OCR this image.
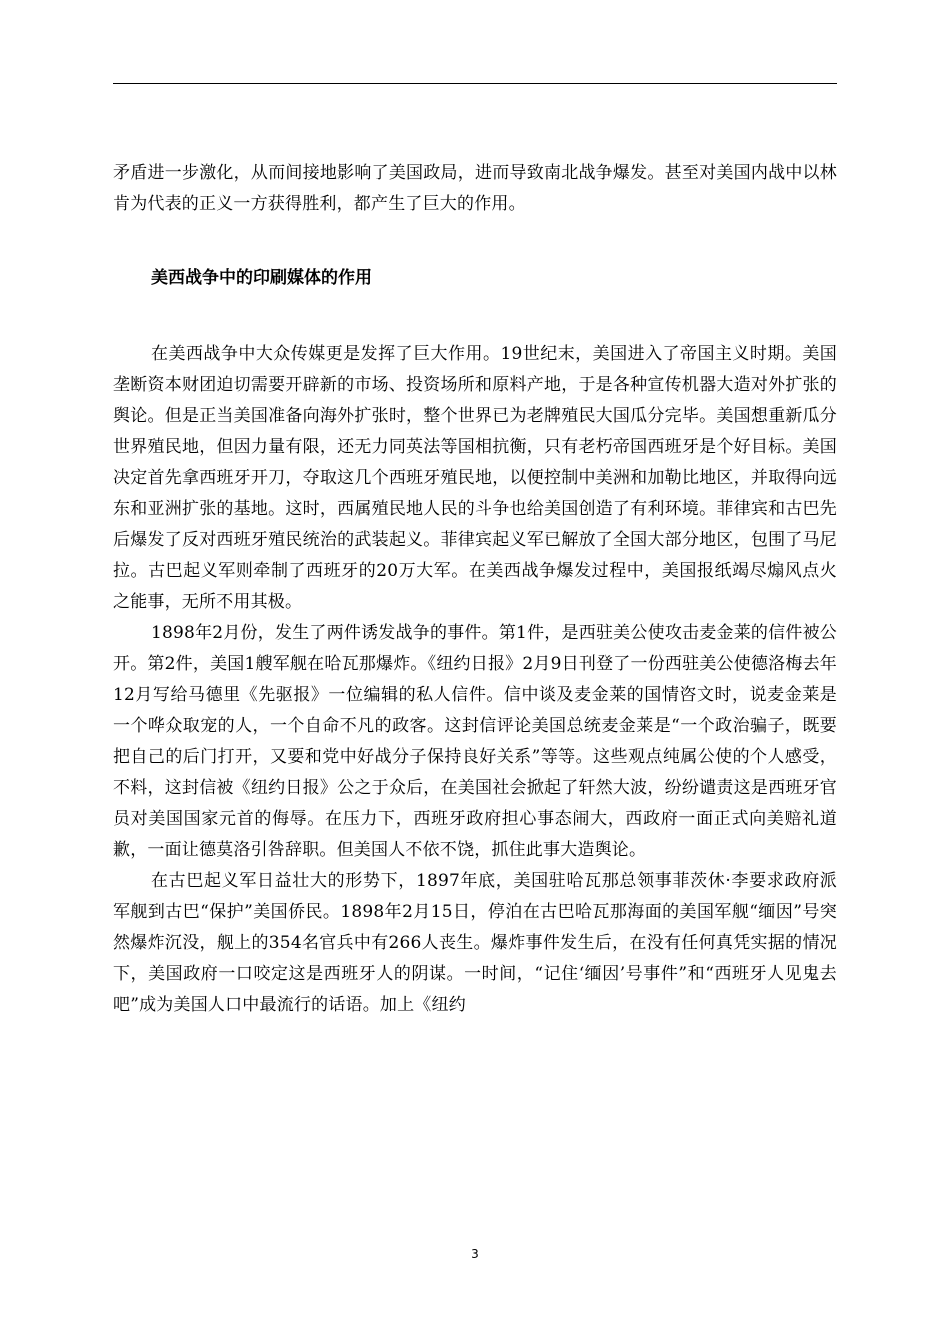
矛盾进一步激化，从而间接地影响了美国政局，进而导致南北战争爆发。甚至对美国内战中以林肯为代表的正义一方获得胜利，都产生了巨大的作用。

美西战争中的印刷媒体的作用

在美西战争中大众传媒更是发挥了巨大作用。19世纪末，美国进入了帝国主义时期。美国垄断资本财团迫切需要开辟新的市场、投资场所和原料产地，于是各种宣传机器大造对外扩张的舆论。但是正当美国准备向海外扩张时，整个世界已为老牌殖民大国瓜分完毕。美国想重新瓜分世界殖民地，但因力量有限，还无力同英法等国相抗衡，只有老朽帝国西班牙是个好目标。美国决定首先拿西班牙开刀，夺取这几个西班牙殖民地，以便控制中美洲和加勒比地区，并取得向远东和亚洲扩张的基地。这时，西属殖民地人民的斗争也给美国创造了有利环境。菲律宾和古巴先后爆发了反对西班牙殖民统治的武装起义。菲律宾起义军已解放了全国大部分地区，包围了马尼拉。古巴起义军则牵制了西班牙的20万大军。在美西战争爆发过程中，美国报纸竭尽煽风点火之能事，无所不用其极。

1898年2月份，发生了两件诱发战争的事件。第1件，是西驻美公使攻击麦金莱的信件被公开。第2件，美国1艘军舰在哈瓦那爆炸。《纽约日报》2月9日刊登了一份西驻美公使德洛梅去年12月写给马德里《先驱报》一位编辑的私人信件。信中谈及麦金莱的国情咨文时，说麦金莱是一个哗众取宠的人，一个自命不凡的政客。这封信评论美国总统麦金莱是“一个政治骗子，既要把自己的后门打开，又要和党中好战分子保持良好关系”等等。这些观点纯属公使的个人感受，不料，这封信被《纽约日报》公之于众后，在美国社会掀起了轩然大波，纷纷谴责这是西班牙官员对美国国家元首的侮辱。在压力下，西班牙政府担心事态闹大，西政府一面正式向美赔礼道歉，一面让德莫洛引咎辞职。但美国人不依不饶，抓住此事大造舆论。

在古巴起义军日益壮大的形势下，1897年底，美国驻哈瓦那总领事菲茨休·李要求政府派军舰到古巴“保护”美国侨民。1898年2月15日，停泊在古巴哈瓦那海面的美国军舰“缅因”号突然爆炸沉没，舰上的354名官兵中有266人丧生。爆炸事件发生后，在没有任何真凭实据的情况下，美国政府一口咬定这是西班牙人的阴谋。一时间，“记住‘缅因’号事件”和“西班牙人见鬼去吧”成为美国人口中最流行的话语。加上《纽约

3
